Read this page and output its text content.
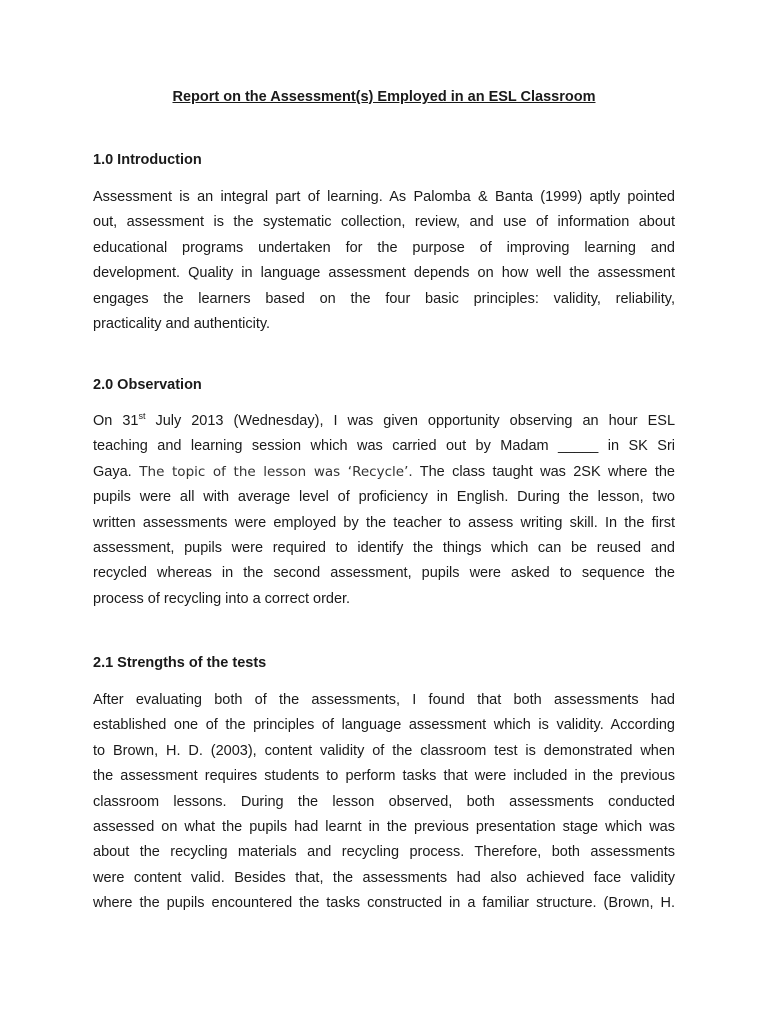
Report on the Assessment(s) Employed in an ESL Classroom
1.0 Introduction
Assessment is an integral part of learning. As Palomba & Banta (1999) aptly pointed
out, assessment is the systematic collection, review, and use of information about
educational programs undertaken for the purpose of improving learning and
development. Quality in language assessment depends on how well the assessment
engages the learners based on the four basic principles: validity, reliability,
practicality and authenticity.
2.0 Observation
On 31st July 2013 (Wednesday), I was given opportunity observing an hour ESL
teaching and learning session which was carried out by Madam _____ in SK Sri
Gaya. The topic of the lesson was ‘Recycle’. The class taught was 2SK where the
pupils were all with average level of proficiency in English. During the lesson, two
written assessments were employed by the teacher to assess writing skill. In the first
assessment, pupils were required to identify the things which can be reused and
recycled whereas in the second assessment, pupils were asked to sequence the
process of recycling into a correct order.
2.1 Strengths of the tests
After evaluating both of the assessments, I found that both assessments had
established one of the principles of language assessment which is validity. According
to Brown, H. D. (2003), content validity of the classroom test is demonstrated when
the assessment requires students to perform tasks that were included in the previous
classroom lessons. During the lesson observed, both assessments conducted
assessed on what the pupils had learnt in the previous presentation stage which was
about the recycling materials and recycling process. Therefore, both assessments
were content valid. Besides that, the assessments had also achieved face validity
where the pupils encountered the tasks constructed in a familiar structure. (Brown, H.
